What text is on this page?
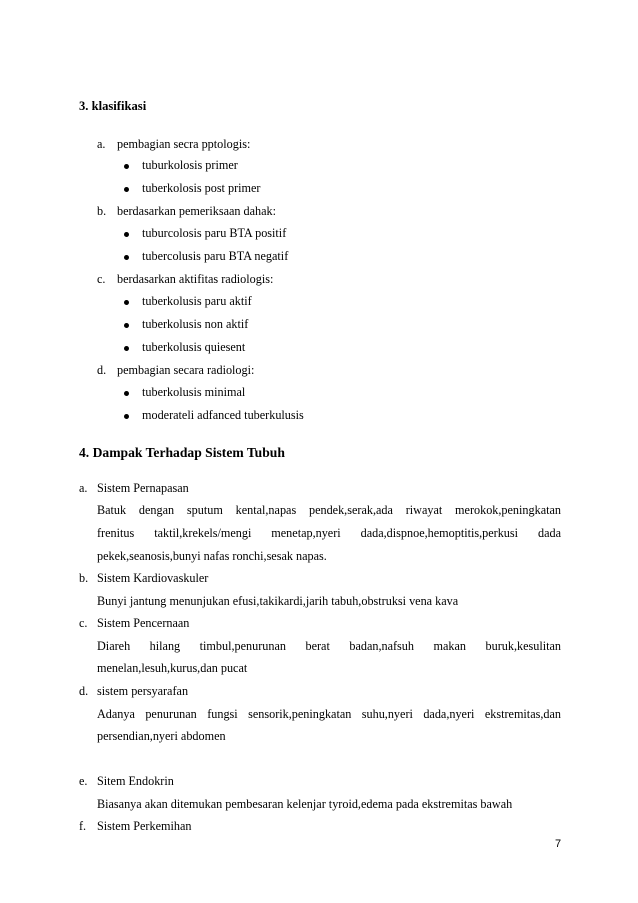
3. klasifikasi
a. pembagian secra pptologis:
tuburkolosis primer
tuberkolosis post primer
b. berdasarkan pemeriksaan dahak:
tuburcolosis paru BTA positif
tubercolusis paru BTA negatif
c. berdasarkan aktifitas radiologis:
tuberkolusis paru aktif
tuberkolusis non aktif
tuberkolusis quiesent
d. pembagian secara radiologi:
tuberkolusis minimal
moderateli adfanced tuberkulusis
4. Dampak Terhadap Sistem Tubuh
a. Sistem Pernapasan
Batuk dengan sputum kental,napas pendek,serak,ada riwayat merokok,peningkatan
frenitus taktil,krekels/mengi menetap,nyeri dada,dispnoe,hemoptitis,perkusi dada
pekek,seanosis,bunyi nafas ronchi,sesak napas.
b. Sistem Kardiovaskuler
Bunyi jantung menunjukan efusi,takikardi,jarih tabuh,obstruksi vena kava
c. Sistem Pencernaan
Diareh hilang timbul,penurunan berat badan,nafsuh makan buruk,kesulitan
menelan,lesuh,kurus,dan pucat
d. sistem persyarafan
Adanya penurunan fungsi sensorik,peningkatan suhu,nyeri dada,nyeri ekstremitas,dan
persendian,nyeri abdomen
e. Sitem Endokrin
Biasanya akan ditemukan pembesaran kelenjar tyroid,edema pada ekstremitas bawah
f. Sistem Perkemihan
7
